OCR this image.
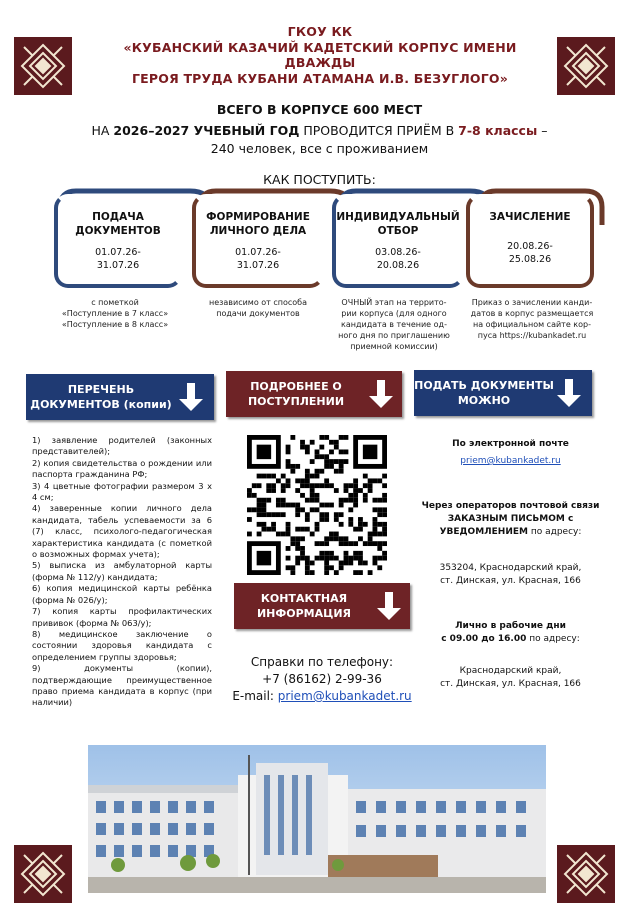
ГКОУ КК
«КУБАНСКИЙ КАЗАЧИЙ КАДЕТСКИЙ КОРПУС ИМЕНИ ДВАЖДЫ
ГЕРОЯ ТРУДА КУБАНИ АТАМАНА И.В. БЕЗУГЛОГО»
ВСЕГО В КОРПУСЕ 600 МЕСТ
НА 2026–2027 УЧЕБНЫЙ ГОД ПРОВОДИТСЯ ПРИЁМ В 7-8 классы –
240 человек, все с проживанием
КАК ПОСТУПИТЬ:
ПОДАЧА ДОКУМЕНТОВ
01.07.26-
31.07.26
ФОРМИРОВАНИЕ ЛИЧНОГО ДЕЛА
01.07.26-
31.07.26
ИНДИВИДУАЛЬНЫЙ ОТБОР
03.08.26-
20.08.26
ЗАЧИСЛЕНИЕ
20.08.26-
25.08.26
с пометкой
«Поступление в 7 класс»
«Поступление в 8 класс»
независимо от способа
подачи документов
ОЧНЫЙ этап на террито-
рии корпуса (для одного
кандидата в течение од-
ного дня по приглашению
приемной комиссии)
Приказ о зачислении канди-
датов в корпус размещается
на официальном сайте кор-
пуса https://kubankadet.ru
ПЕРЕЧЕНЬ
ДОКУМЕНТОВ (копии)
ПОДРОБНЕЕ О
ПОСТУПЛЕНИИ
ПОДАТЬ ДОКУМЕНТЫ
МОЖНО
КОНТАКТНАЯ
ИНФОРМАЦИЯ
1) заявление родителей (законных представителей);
2) копия свидетельства о рождении или паспорта гражданина РФ;
3) 4 цветные фотографии размером 3 х 4 см;
4) заверенные копии личного дела кандидата, табель успеваемости за 6 (7) класс, психолого-педагогическая характеристика кандидата (с пометкой о возможных формах учета);
5) выписка из амбулаторной карты (форма № 112/у) кандидата;
6) копия медицинской карты ребёнка (форма № 026/у);
7) копия карты профилактических прививок (форма № 063/у);
8) медицинское заключение о состоянии здоровья кандидата с определением группы здоровья;
9) документы (копии), подтверждающие преимущественное право приема кандидата в корпус (при наличии)
Справки по телефону:
+7 (86162) 2-99-36
E-mail: priem@kubankadet.ru
По электронной почте
priem@kubankadet.ru
Через операторов почтовой связи ЗАКАЗНЫМ ПИСЬМОМ с УВЕДОМЛЕНИЕМ по адресу:
353204, Краснодарский край,
ст. Динская, ул. Красная, 166
Лично в рабочие дни
с 09.00 до 16.00 по адресу:
Краснодарский край,
ст. Динская, ул. Красная, 166
